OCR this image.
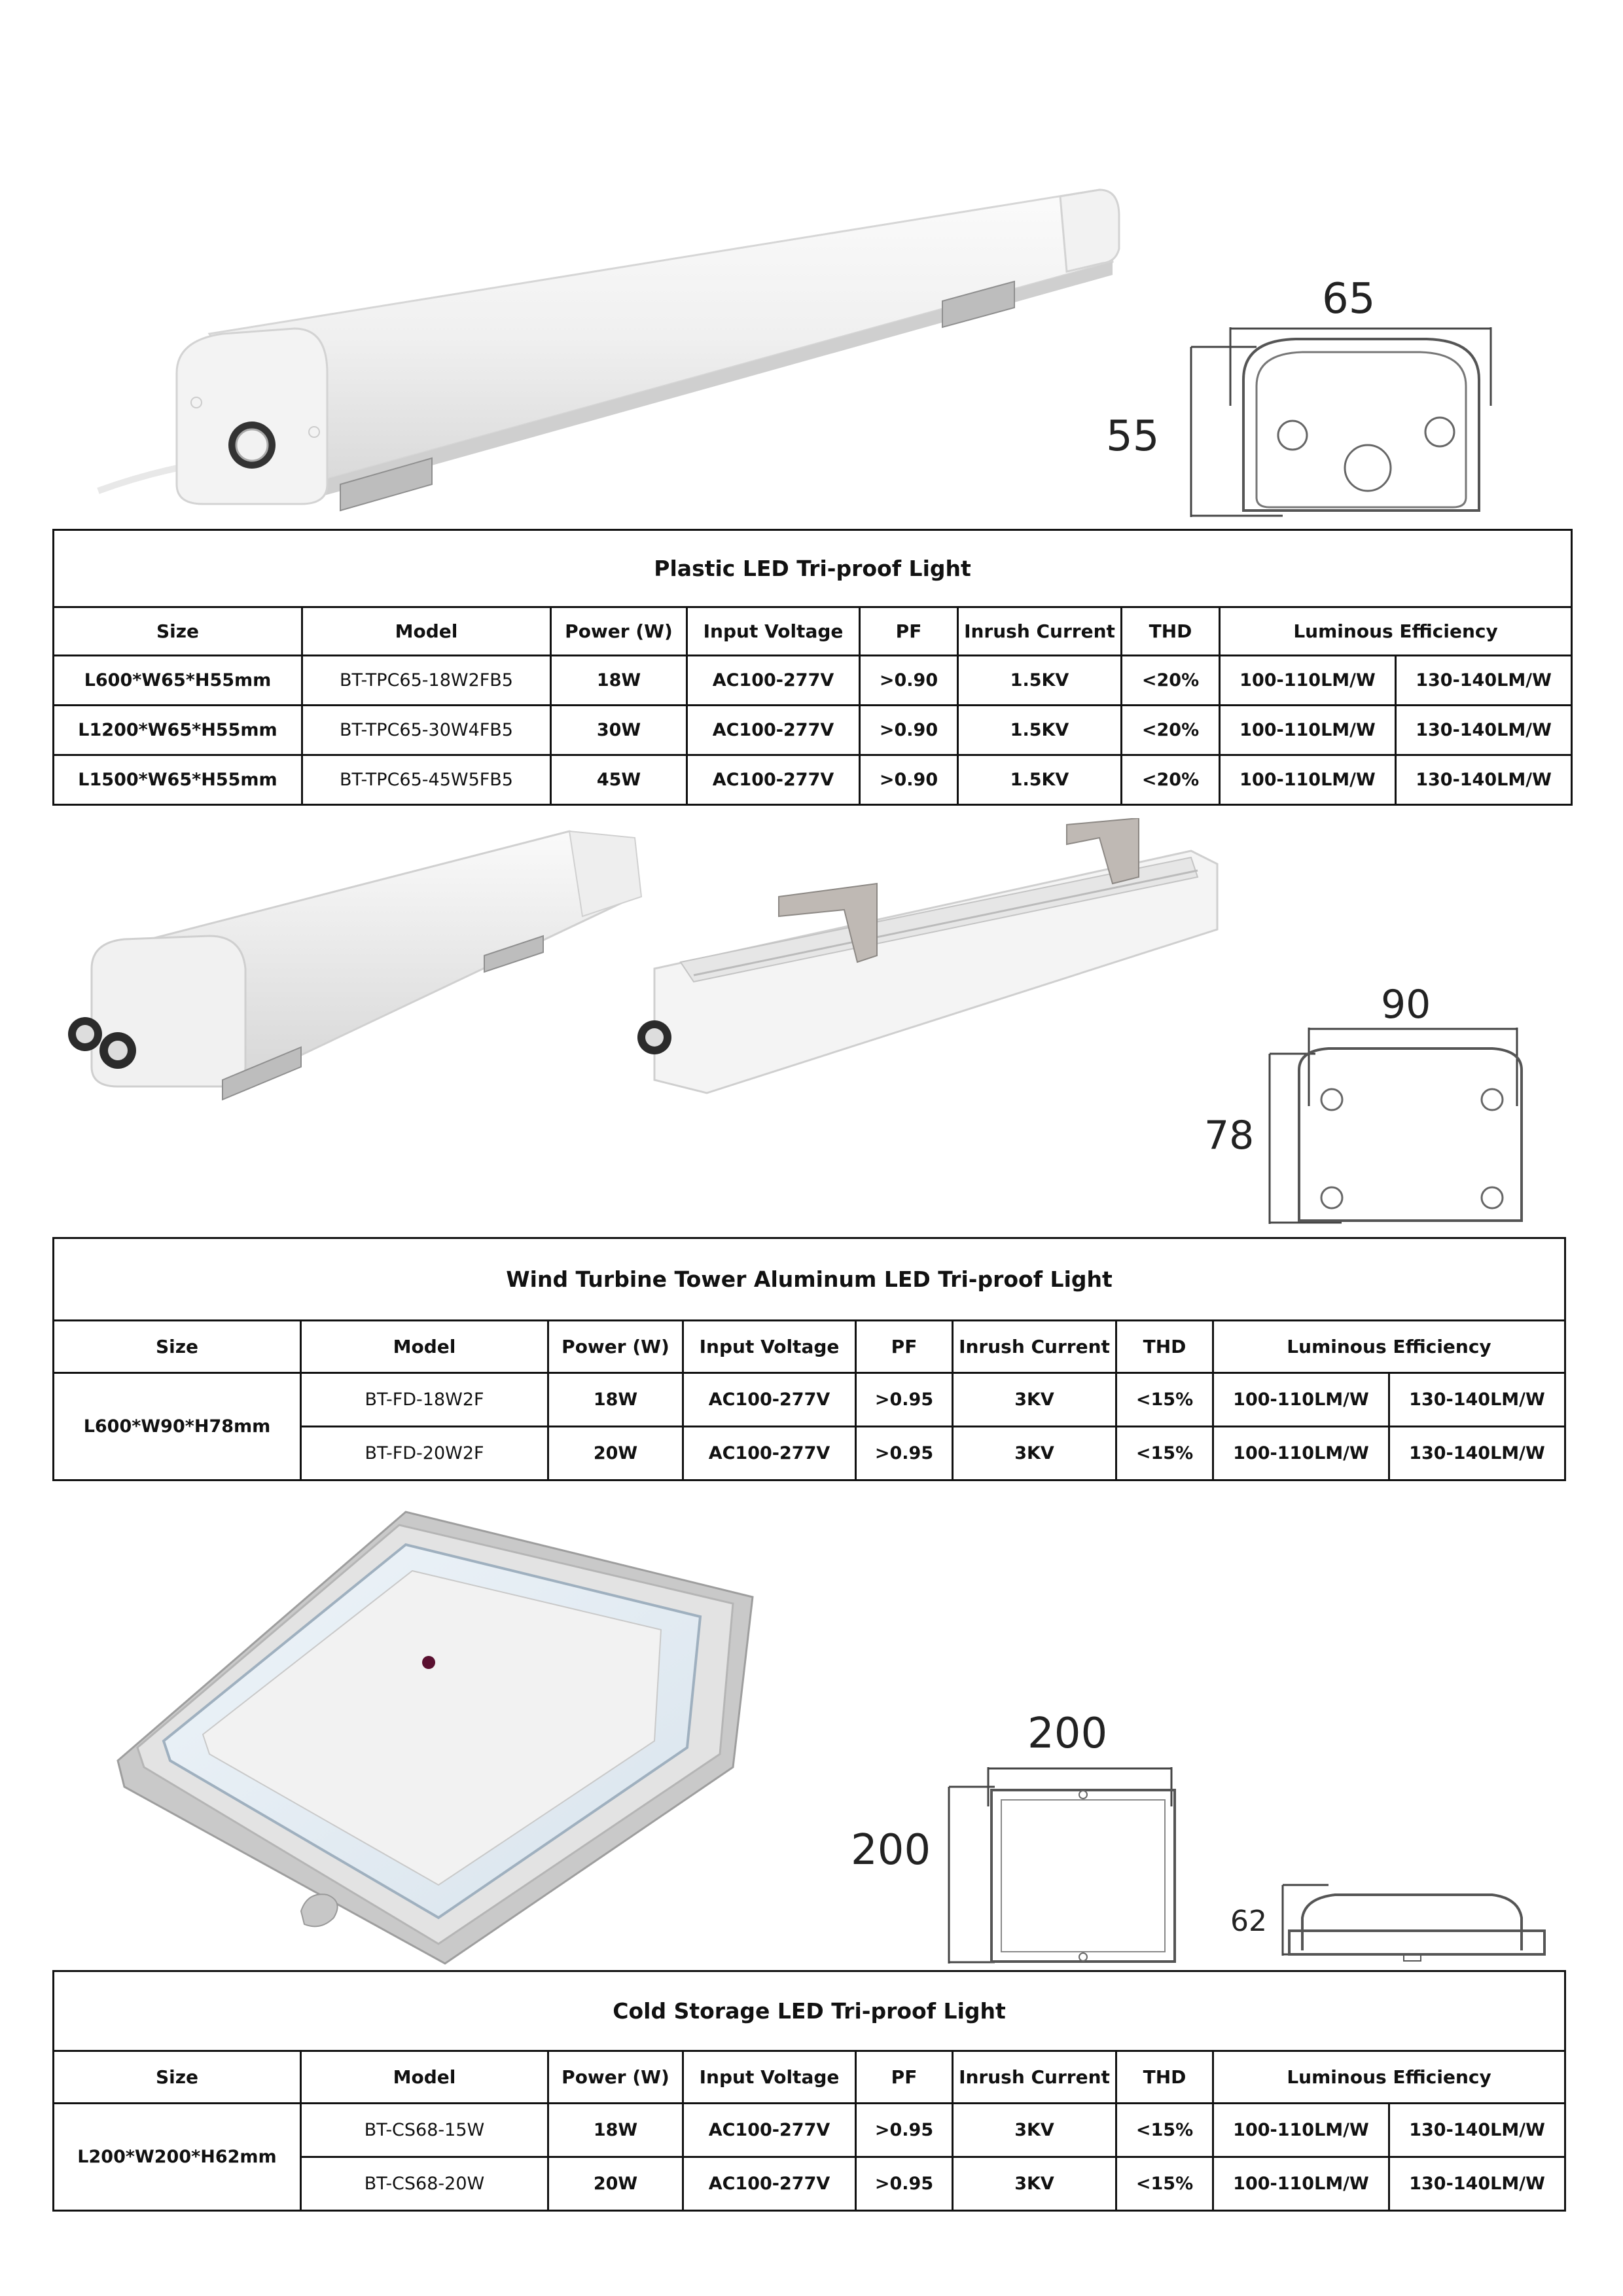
65
55
Plastic LED Tri-proof Light								
Size	Model	Power (W)	Input Voltage	PF	Inrush Current	THD	Luminous Efficiency	
L600*W65*H55mm	BT-TPC65-18W2FB5	18W	AC100-277V	>0.90	1.5KV	<20%	100-110LM/W	130-140LM/W
L1200*W65*H55mm	BT-TPC65-30W4FB5	30W	AC100-277V	>0.90	1.5KV	<20%	100-110LM/W	130-140LM/W
L1500*W65*H55mm	BT-TPC65-45W5FB5	45W	AC100-277V	>0.90	1.5KV	<20%	100-110LM/W	130-140LM/W
90
78
Wind Turbine Tower Aluminum LED Tri-proof Light								
Size	Model	Power (W)	Input Voltage	PF	Inrush Current	THD	Luminous Efficiency	
L600*W90*H78mm	BT-FD-18W2F	18W	AC100-277V	>0.95	3KV	<15%	100-110LM/W	130-140LM/W
	BT-FD-20W2F	20W	AC100-277V	>0.95	3KV	<15%	100-110LM/W	130-140LM/W
200
200
62
Cold Storage LED Tri-proof Light								
Size	Model	Power (W)	Input Voltage	PF	Inrush Current	THD	Luminous Efficiency	
L200*W200*H62mm	BT-CS68-15W	18W	AC100-277V	>0.95	3KV	<15%	100-110LM/W	130-140LM/W
	BT-CS68-20W	20W	AC100-277V	>0.95	3KV	<15%	100-110LM/W	130-140LM/W
